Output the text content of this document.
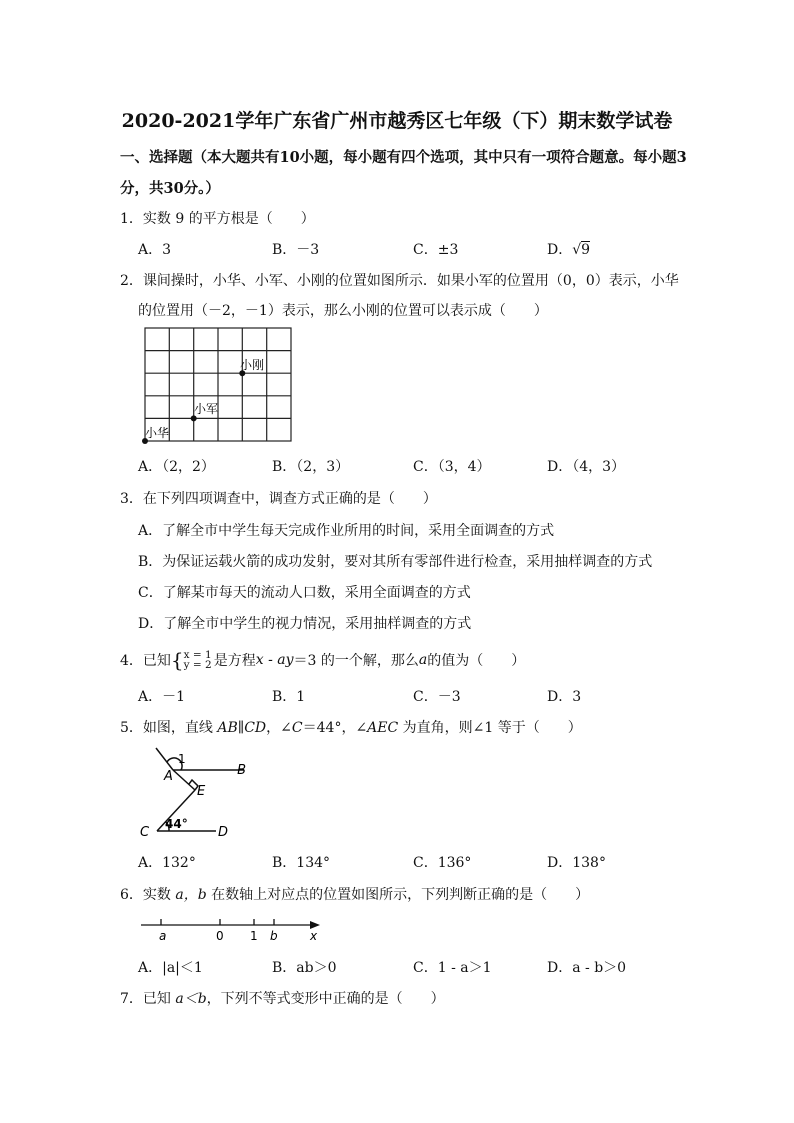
2020-2021学年广东省广州市越秀区七年级（下）期末数学试卷
一、选择题（本大题共有10小题，每小题有四个选项，其中只有一项符合题意。每小题3
分，共30分。）
1．实数 9 的平方根是（　　）
A．3	B．－3	C．±3	D．√9
2．课间操时，小华、小军、小刚的位置如图所示．如果小军的位置用（0，0）表示，小华
的位置用（－2，－1）表示，那么小刚的位置可以表示成（　　）
小刚
小军
小华
A．（2，2）	B．（2，3）	C．（3，4）	D．（4，3）
3．在下列四项调查中，调查方式正确的是（　　）
A．了解全市中学生每天完成作业所用的时间，采用全面调查的方式
B．为保证运载火箭的成功发射，要对其所有零部件进行检查，采用抽样调查的方式
C．了解某市每天的流动人口数，采用全面调查的方式
D．了解全市中学生的视力情况，采用抽样调查的方式
4．已知 { x = 1
y = 2 是方程 x - ay ＝3 的一个解，那么 a 的值为（　　）
A．－1	B．1	C．－3	D．3
5．如图，直线 AB∥CD，∠C＝44°，∠AEC 为直角，则∠1 等于（　　）
1
A	B
E
C	D
44°
A．132°	B．134°	C．136°	D．138°
6．实数 a，b 在数轴上对应点的位置如图所示，下列判断正确的是（　　）
a	0 1 b	x
A．|a|＜1	B．ab＞0	C．1 - a＞1	D．a - b＞0
7．已知 a＜b，下列不等式变形中正确的是（　　）
